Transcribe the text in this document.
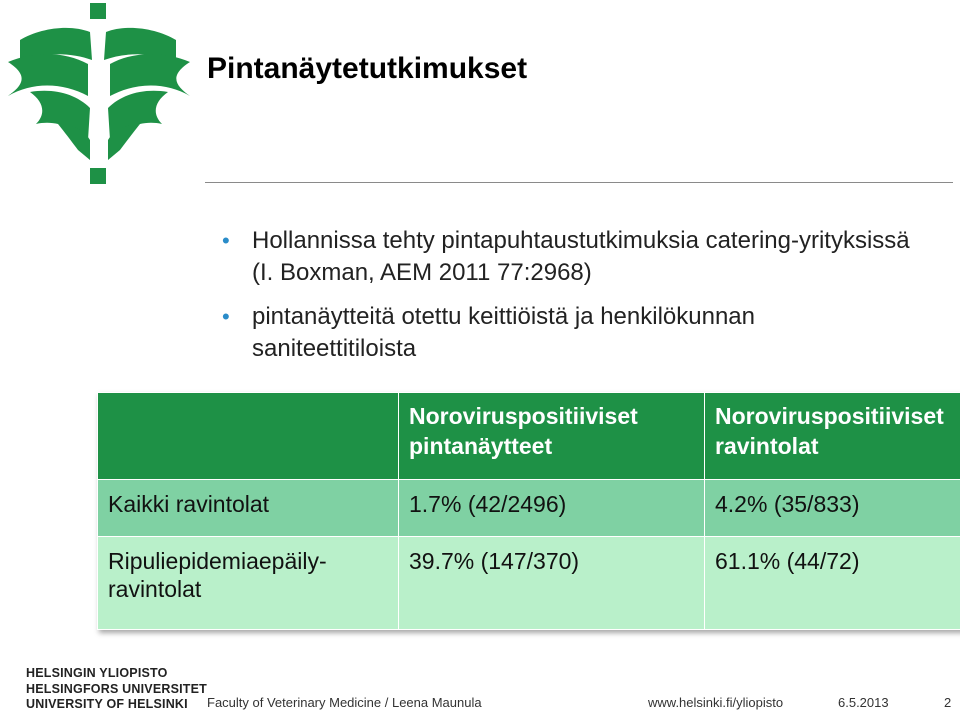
Pintanäytetutkimukset
• Hollannissa tehty pintapuhtaustutkimuksia catering-yrityksissä (I. Boxman, AEM 2011 77:2968)
• pintanäytteitä otettu keittiöistä ja henkilökunnan saniteettitiloista
	Noroviruspositiiviset pintanäytteet	Noroviruspositiiviset ravintolat
Kaikki ravintolat	1.7% (42/2496)	4.2% (35/833)
Ripuliepidemiaepäily-ravintolat	39.7% (147/370)	61.1% (44/72)
HELSINGIN YLIOPISTO
HELSINGFORS UNIVERSITET
UNIVERSITY OF HELSINKI	Faculty of Veterinary Medicine / Leena Maunula	www.helsinki.fi/yliopisto	6.5.2013	2
